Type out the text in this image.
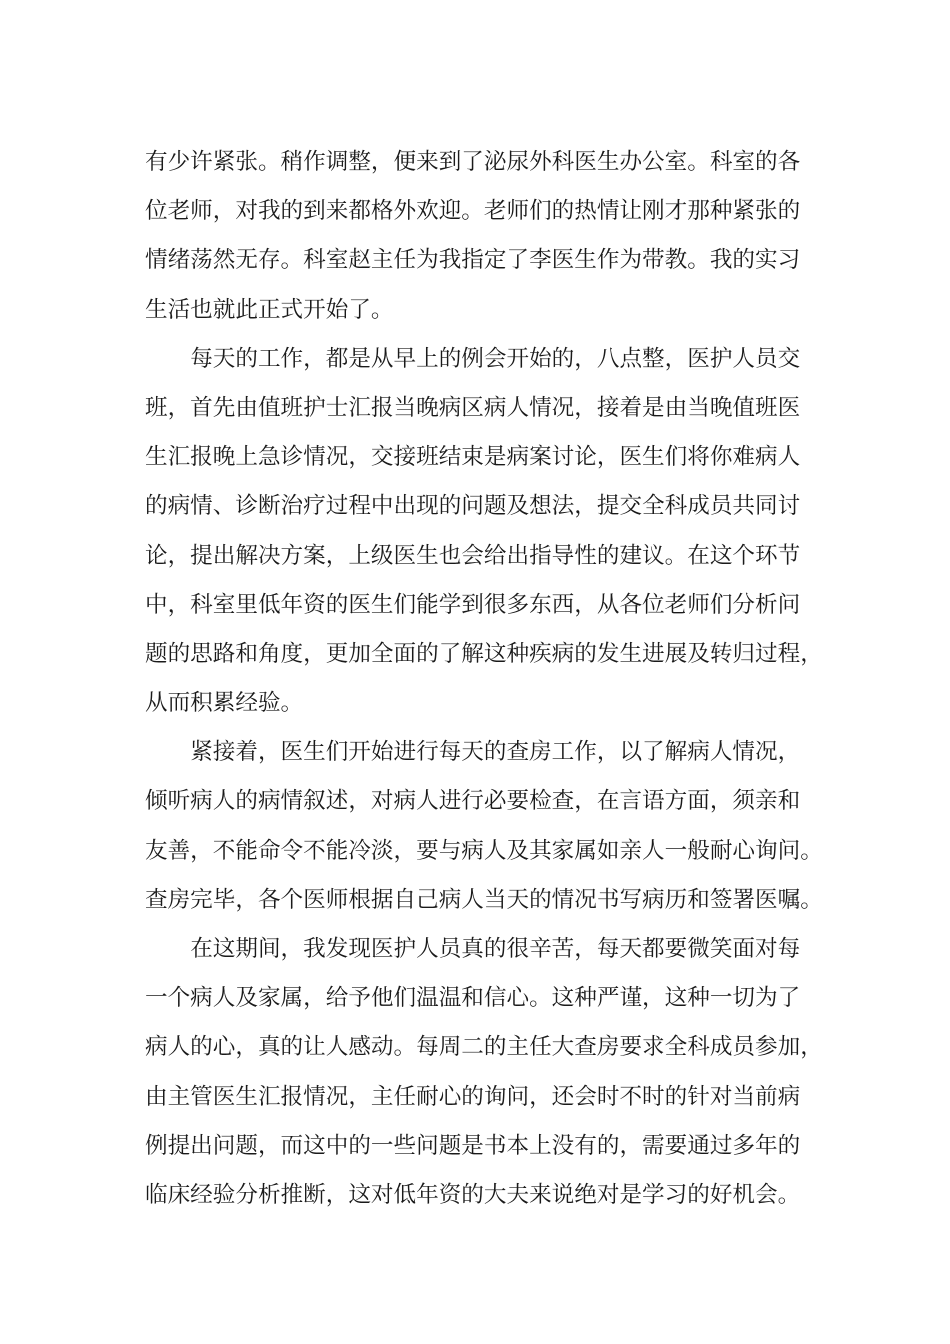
有少许紧张。稍作调整，便来到了泌尿外科医生办公室。科室的各
位老师，对我的到来都格外欢迎。老师们的热情让刚才那种紧张的
情绪荡然无存。科室赵主任为我指定了李医生作为带教。我的实习
生活也就此正式开始了。
每天的工作，都是从早上的例会开始的，八点整，医护人员交
班，首先由值班护士汇报当晚病区病人情况，接着是由当晚值班医
生汇报晚上急诊情况，交接班结束是病案讨论，医生们将你难病人
的病情、诊断治疗过程中出现的问题及想法，提交全科成员共同讨
论，提出解决方案，上级医生也会给出指导性的建议。在这个环节
中，科室里低年资的医生们能学到很多东西，从各位老师们分析问
题的思路和角度，更加全面的了解这种疾病的发生进展及转归过程，
从而积累经验。
紧接着，医生们开始进行每天的查房工作，以了解病人情况，
倾听病人的病情叙述，对病人进行必要检查，在言语方面，须亲和
友善，不能命令不能冷淡，要与病人及其家属如亲人一般耐心询问。
查房完毕，各个医师根据自己病人当天的情况书写病历和签署医嘱。
在这期间，我发现医护人员真的很辛苦，每天都要微笑面对每
一个病人及家属，给予他们温温和信心。这种严谨，这种一切为了
病人的心，真的让人感动。每周二的主任大查房要求全科成员参加，
由主管医生汇报情况，主任耐心的询问，还会时不时的针对当前病
例提出问题，而这中的一些问题是书本上没有的，需要通过多年的
临床经验分析推断，这对低年资的大夫来说绝对是学习的好机会。
